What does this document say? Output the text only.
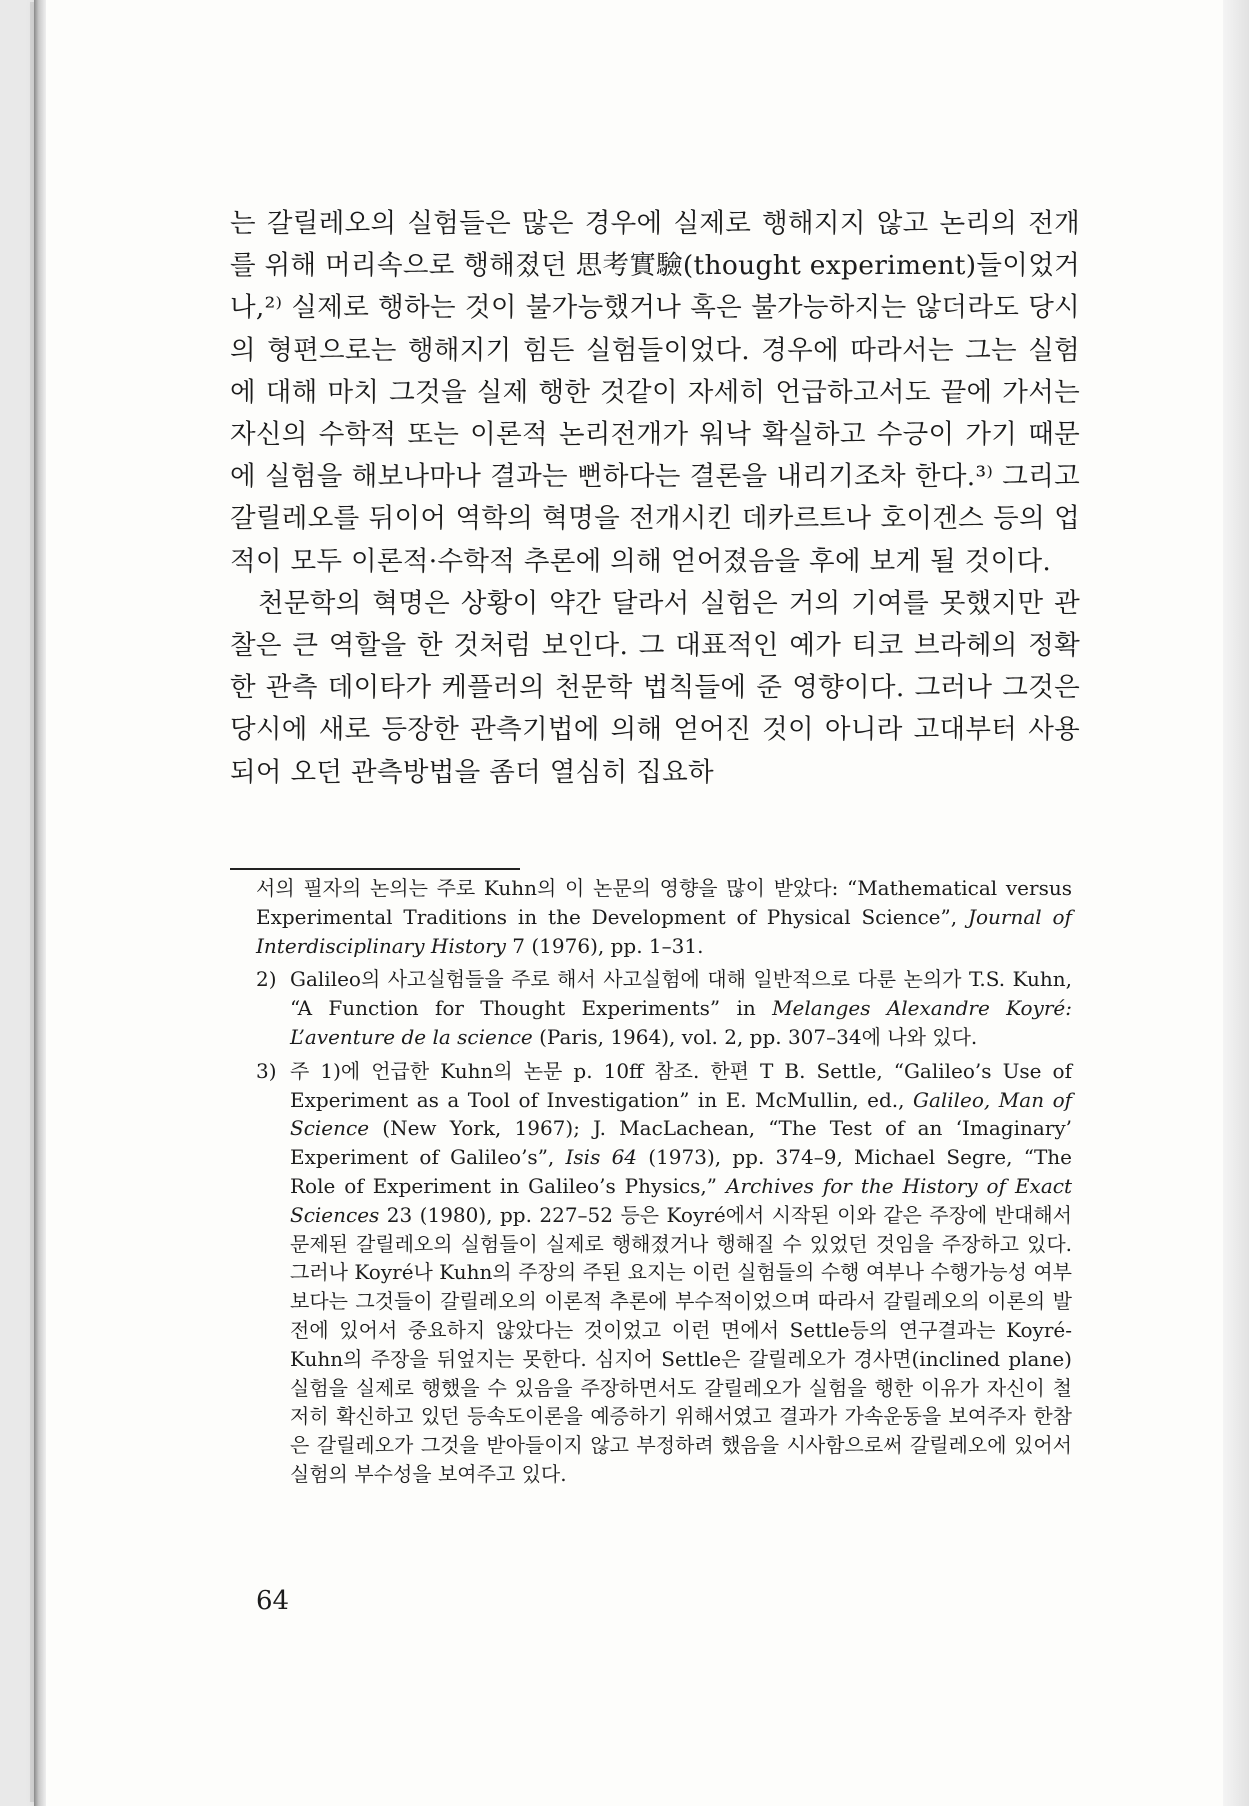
는 갈릴레오의 실험들은 많은 경우에 실제로 행해지지 않고 논리의 전개를 위해 머리속으로 행해졌던 思考實驗(thought experiment)들이었거나,²⁾ 실제로 행하는 것이 불가능했거나 혹은 불가능하지는 않더라도 당시의 형편으로는 행해지기 힘든 실험들이었다. 경우에 따라서는 그는 실험에 대해 마치 그것을 실제 행한 것같이 자세히 언급하고서도 끝에 가서는 자신의 수학적 또는 이론적 논리전개가 워낙 확실하고 수긍이 가기 때문에 실험을 해보나마나 결과는 뻔하다는 결론을 내리기조차 한다.³⁾ 그리고 갈릴레오를 뒤이어 역학의 혁명을 전개시킨 데카르트나 호이겐스 등의 업적이 모두 이론적·수학적 추론에 의해 얻어졌음을 후에 보게 될 것이다.

천문학의 혁명은 상황이 약간 달라서 실험은 거의 기여를 못했지만 관찰은 큰 역할을 한 것처럼 보인다. 그 대표적인 예가 티코 브라헤의 정확한 관측 데이타가 케플러의 천문학 법칙들에 준 영향이다. 그러나 그것은 당시에 새로 등장한 관측기법에 의해 얻어진 것이 아니라 고대부터 사용되어 오던 관측방법을 좀더 열심히 집요하

서의 필자의 논의는 주로 Kuhn의 이 논문의 영향을 많이 받았다: “Mathematical versus Experimental Traditions in the Development of Physical Science”, Journal of Interdisciplinary History 7 (1976), pp. 1–31.

2) Galileo의 사고실험들을 주로 해서 사고실험에 대해 일반적으로 다룬 논의가 T.S. Kuhn, “A Function for Thought Experiments” in Melanges Alexandre Koyré: L’aventure de la science (Paris, 1964), vol. 2, pp. 307–34에 나와 있다.

3) 주 1)에 언급한 Kuhn의 논문 p. 10ff 참조. 한편 T B. Settle, “Galileo’s Use of Experiment as a Tool of Investigation” in E. McMullin, ed., Galileo, Man of Science (New York, 1967); J. MacLachean, “The Test of an ‘Imaginary’ Experiment of Galileo’s”, Isis 64 (1973), pp. 374–9, Michael Segre, “The Role of Experiment in Galileo’s Physics,” Archives for the History of Exact Sciences 23 (1980), pp. 227–52 등은 Koyré에서 시작된 이와 같은 주장에 반대해서 문제된 갈릴레오의 실험들이 실제로 행해졌거나 행해질 수 있었던 것임을 주장하고 있다. 그러나 Koyré나 Kuhn의 주장의 주된 요지는 이런 실험들의 수행 여부나 수행가능성 여부보다는 그것들이 갈릴레오의 이론적 추론에 부수적이었으며 따라서 갈릴레오의 이론의 발전에 있어서 중요하지 않았다는 것이었고 이런 면에서 Settle등의 연구결과는 Koyré-Kuhn의 주장을 뒤엎지는 못한다. 심지어 Settle은 갈릴레오가 경사면(inclined plane) 실험을 실제로 행했을 수 있음을 주장하면서도 갈릴레오가 실험을 행한 이유가 자신이 철저히 확신하고 있던 등속도이론을 예증하기 위해서였고 결과가 가속운동을 보여주자 한참은 갈릴레오가 그것을 받아들이지 않고 부정하려 했음을 시사함으로써 갈릴레오에 있어서 실험의 부수성을 보여주고 있다.

64
